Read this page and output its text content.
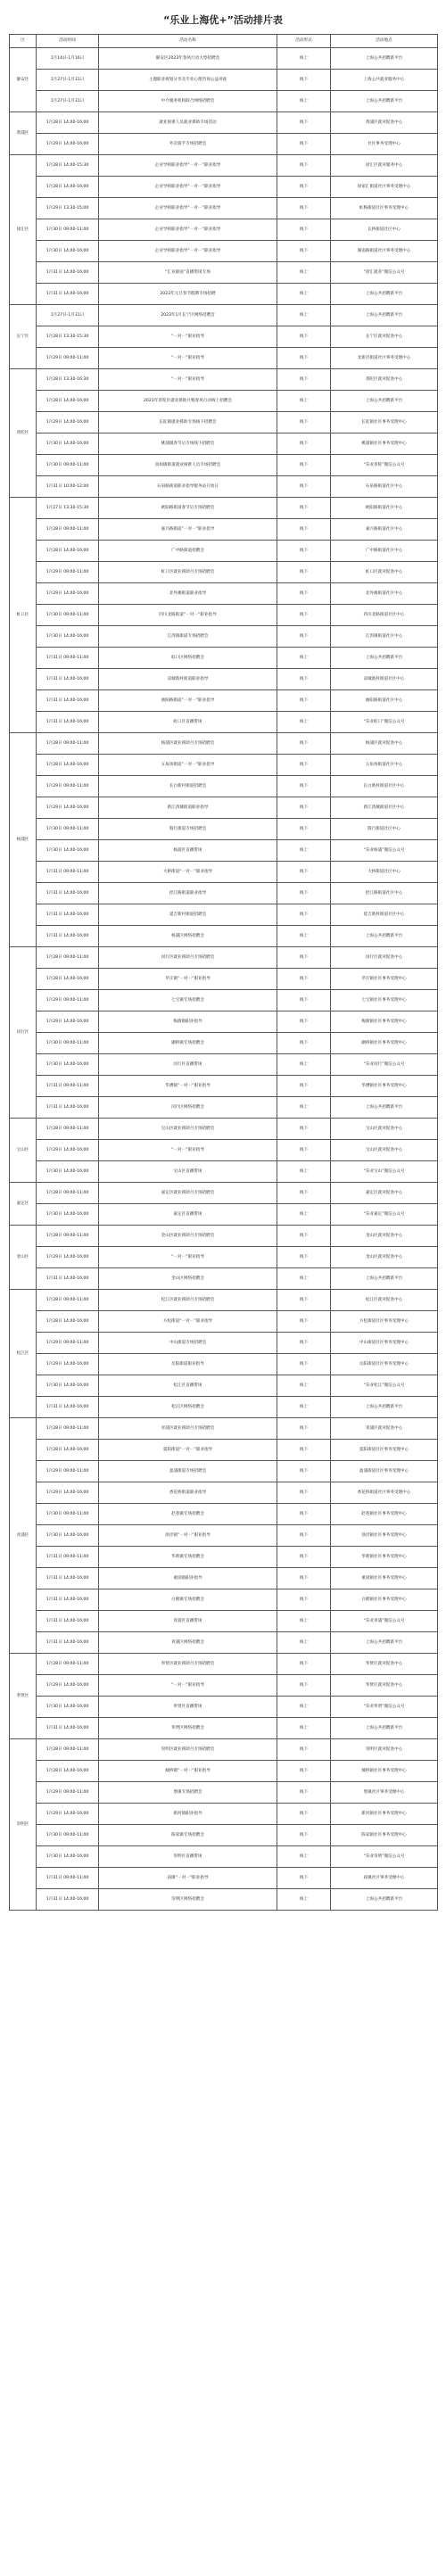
“乐业上海优+”活动排片表
区	活动时间	活动名称	活动形式	活动地点
静安区	1月14日-1月16日	静安区2023年春风行动大型招聘会	线上	上海公共招聘新平台
	1月27日-1月31日	主题职业规划分享及专业心理咨询公益讲座	线下	上海公共就业服务中心
	1月27日-1月31日	中介服务机构联合网络招聘会	线上	上海公共招聘新平台
黄浦区	1月28日 14:00-16:00	就业困难人员就业援助专场活动	线下	黄浦区就业促进中心
	1月29日 14:00-16:00	外卖骑手专场招聘会	线下	社区事务受理中心
徐汇区	1月28日 14:00-15:30	企业导师职业指导“一对一”职业指导	线下	徐汇区就业服务中心
	1月28日 14:00-16:00	企业导师职业指导“一对一”职业指导	线下	徐家汇街道社区事务受理中心
	1月29日 13:30-15:00	企业导师职业指导“一对一”职业指导	线下	虹梅街道社区事务受理中心
	1月30日 09:00-11:00	企业导师职业指导“一对一”职业指导	线下	长桥街道社区中心
	1月30日 14:00-16:00	企业导师职业指导“一对一”职业指导	线下	湖南路街道社区事务受理中心
	1月31日 14:00-16:00	“汇业职途”直播带岗专场	线上	“徐汇就业”微信公众号
	1月31日 14:00-16:00	2023年元旦春节假期专场招聘	线上	上海公共招聘新平台
长宁区	1月27日-1月31日	2023年1月长宁区网络招聘会	线上	上海公共招聘新平台
	1月28日 13:30-15:30	“一对一”职业指导	线下	长宁区就业促进中心
	1月29日 09:00-11:00	“一对一”职业指导	线下	北新泾街道社区事务受理中心
普陀区	1月28日 13:30-16:30	“一对一”职业指导	线下	普陀区就业促进中心
	1月28日 14:00-16:00	2023年普陀区就业援助月暨春风行动线上招聘会	线上	上海公共招聘新平台
	1月29日 14:00-16:00	长征镇就业援助专场线下招聘会	线下	长征镇社区事务受理中心
	1月30日 14:00-16:00	桃浦镇春节后专场线下招聘会	线下	桃浦镇社区事务受理中心
	1月30日 09:00-11:00	真如镇街道就业困难人员专场招聘会	线下	“乐业普陀”微信公众号
	1月31日 10:00-12:00	石泉路街道职业指导服务站开放日	线下	石泉路街道社区中心
虹口区	1月27日 13:30-15:30	欧阳路街道春节后专场招聘会	线下	欧阳路街道社区中心
	1月28日 09:00-11:00	嘉兴路街道“一对一”职业指导	线下	嘉兴路街道社区中心
	1月28日 14:00-16:00	广中路街道招聘会	线下	广中路街道社区中心
	1月29日 09:00-11:00	虹口区就业援助月专场招聘会	线下	虹口区就业促进中心
	1月29日 14:00-16:00	北外滩街道职业指导	线下	北外滩街道社区中心
	1月30日 09:00-11:00	四川北路街道“一对一”职业指导	线下	四川北路街道社区中心
	1月30日 14:00-16:00	江湾镇街道专场招聘会	线下	江湾镇街道社区中心
	1月31日 09:00-11:00	虹口区网络招聘会	线上	上海公共招聘新平台
	1月31日 14:00-16:00	凉城新村街道职业指导	线下	凉城新村街道社区中心
	1月31日 14:00-16:00	曲阳路街道“一对一”职业指导	线下	曲阳路街道社区中心
	1月31日 14:00-16:00	虹口区直播带岗	线上	“乐业虹口”微信公众号
杨浦区	1月28日 09:00-11:00	杨浦区就业援助月专场招聘会	线下	杨浦区就业促进中心
	1月28日 14:00-16:00	五角场街道“一对一”职业指导	线下	五角场街道社区中心
	1月29日 09:00-11:00	长白新村街道招聘会	线下	长白新村街道社区中心
	1月29日 14:00-16:00	新江湾城街道职业指导	线下	新江湾城街道社区中心
	1月30日 09:00-11:00	殷行街道专场招聘会	线下	殷行街道社区中心
	1月30日 14:00-16:00	杨浦区直播带岗	线上	“乐业杨浦”微信公众号
	1月31日 09:00-11:00	大桥街道“一对一”职业指导	线下	大桥街道社区中心
	1月31日 14:00-16:00	控江路街道职业指导	线下	控江路街道社区中心
	1月31日 14:00-16:00	延吉新村街道招聘会	线下	延吉新村街道社区中心
	1月31日 14:00-16:00	杨浦区网络招聘会	线上	上海公共招聘新平台
闵行区	1月28日 09:00-11:00	闵行区就业援助月专场招聘会	线下	闵行区就业促进中心
	1月28日 14:00-16:00	莘庄镇“一对一”职业指导	线下	莘庄镇社区事务受理中心
	1月29日 09:00-11:00	七宝镇专场招聘会	线下	七宝镇社区事务受理中心
	1月29日 14:00-16:00	梅陇镇职业指导	线下	梅陇镇社区事务受理中心
	1月30日 09:00-11:00	颛桥镇专场招聘会	线下	颛桥镇社区事务受理中心
	1月30日 14:00-16:00	闵行区直播带岗	线上	“乐业闵行”微信公众号
	1月31日 09:00-11:00	华漕镇“一对一”职业指导	线下	华漕镇社区事务受理中心
	1月31日 14:00-16:00	闵行区网络招聘会	线上	上海公共招聘新平台
宝山区	1月28日 09:00-11:00	宝山区就业援助月专场招聘会	线下	宝山区就业促进中心
	1月29日 14:00-16:00	“一对一”职业指导	线下	宝山区就业促进中心
	1月30日 14:00-16:00	宝山区直播带岗	线上	“乐业宝山”微信公众号
嘉定区	1月28日 09:00-11:00	嘉定区就业援助月专场招聘会	线下	嘉定区就业促进中心
	1月30日 14:00-16:00	嘉定区直播带岗	线上	“乐业嘉定”微信公众号
金山区	1月28日 09:00-11:00	金山区就业援助月专场招聘会	线下	金山区就业促进中心
	1月29日 14:00-16:00	“一对一”职业指导	线下	金山区就业促进中心
	1月31日 14:00-16:00	金山区网络招聘会	线上	上海公共招聘新平台
松江区	1月28日 09:00-11:00	松江区就业援助月专场招聘会	线下	松江区就业促进中心
	1月28日 14:00-16:00	方松街道“一对一”职业指导	线下	方松街道社区事务受理中心
	1月29日 09:00-11:00	中山街道专场招聘会	线下	中山街道社区事务受理中心
	1月29日 14:00-16:00	岳阳街道职业指导	线下	岳阳街道社区事务受理中心
	1月30日 14:00-16:00	松江区直播带岗	线上	“乐业松江”微信公众号
	1月31日 14:00-16:00	松江区网络招聘会	线上	上海公共招聘新平台
青浦区	1月28日 09:00-11:00	青浦区就业援助月专场招聘会	线下	青浦区就业促进中心
	1月28日 14:00-16:00	夏阳街道“一对一”职业指导	线下	夏阳街道社区事务受理中心
	1月29日 09:00-11:00	盈浦街道专场招聘会	线下	盈浦街道社区事务受理中心
	1月29日 14:00-16:00	香花桥街道职业指导	线下	香花桥街道社区事务受理中心
	1月30日 09:00-11:00	赵巷镇专场招聘会	线下	赵巷镇社区事务受理中心
	1月30日 14:00-16:00	徐泾镇“一对一”职业指导	线下	徐泾镇社区事务受理中心
	1月31日 09:00-11:00	华新镇专场招聘会	线下	华新镇社区事务受理中心
	1月31日 14:00-16:00	重固镇职业指导	线下	重固镇社区事务受理中心
	1月31日 14:00-16:00	白鹤镇专场招聘会	线下	白鹤镇社区事务受理中心
	1月31日 14:00-16:00	青浦区直播带岗	线上	“乐业青浦”微信公众号
	1月31日 14:00-16:00	青浦区网络招聘会	线上	上海公共招聘新平台
奉贤区	1月28日 09:00-11:00	奉贤区就业援助月专场招聘会	线下	奉贤区就业促进中心
	1月29日 14:00-16:00	“一对一”职业指导	线下	奉贤区就业促进中心
	1月30日 14:00-16:00	奉贤区直播带岗	线上	“乐业奉贤”微信公众号
	1月31日 14:00-16:00	奉贤区网络招聘会	线上	上海公共招聘新平台
崇明区	1月28日 09:00-11:00	崇明区就业援助月专场招聘会	线下	崇明区就业促进中心
	1月28日 14:00-16:00	城桥镇“一对一”职业指导	线下	城桥镇社区事务受理中心
	1月29日 09:00-11:00	堡镇专场招聘会	线下	堡镇社区事务受理中心
	1月29日 14:00-16:00	新河镇职业指导	线下	新河镇社区事务受理中心
	1月30日 09:00-11:00	陈家镇专场招聘会	线下	陈家镇社区事务受理中心
	1月30日 14:00-16:00	崇明区直播带岗	线上	“乐业崇明”微信公众号
	1月31日 09:00-11:00	庙镇“一对一”职业指导	线下	庙镇社区事务受理中心
	1月31日 14:00-16:00	崇明区网络招聘会	线上	上海公共招聘新平台
